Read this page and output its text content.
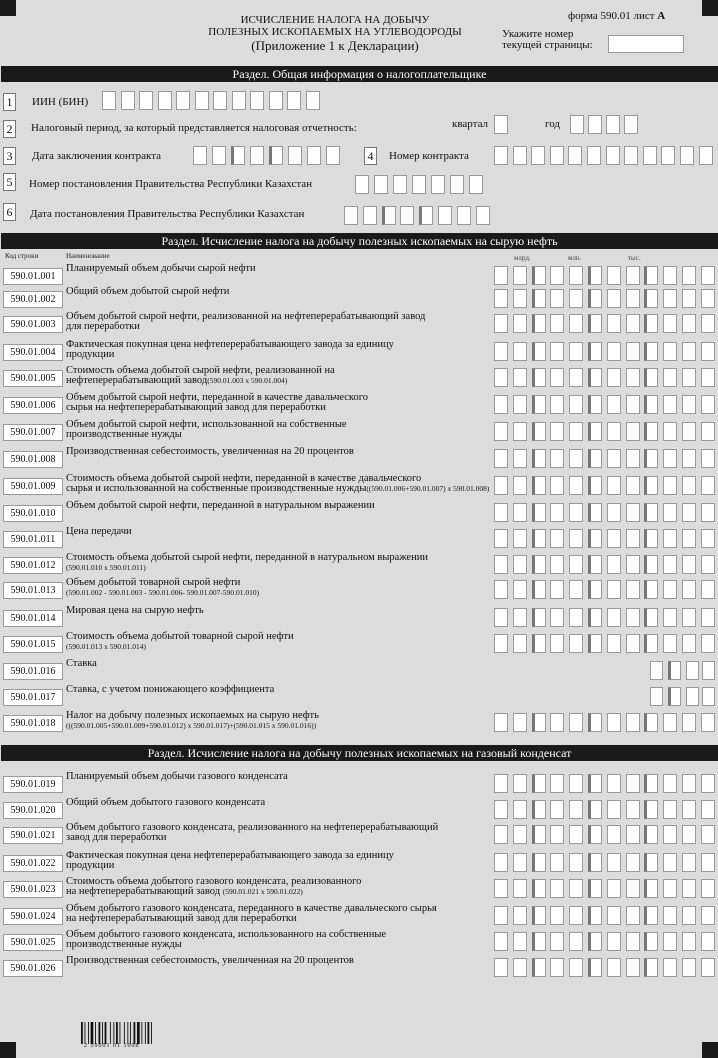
ИСЧИСЛЕНИЕ НАЛОГА НА ДОБЫЧУ
ПОЛЕЗНЫХ ИСКОПАЕМЫХ НА УГЛЕВОДОРОДЫ
(Приложение 1 к Декларации)
форма 590.01 лист А
Укажите номер
текущей страницы:
Раздел. Общая информация о налогоплательщике
Раздел. Исчисление налога на добычу полезных ископаемых на сырую нефть
Раздел. Исчисление налога на добычу полезных ископаемых на газовый конденсат
1	ИИН (БИН)
2	Налоговый период, за который представляется налоговая отчетность:	квартал	год
3	Дата заключения контракта	4	Номер контракта
5	Номер постановления Правительства Республики Казахстан
6	Дата постановления Правительства Республики Казахстан
Код строки	Наименование	млрд.	млн.	тыс.
590.01.001
Планируемый объем добычи сырой нефти
590.01.002
Общий объем добытой сырой нефти
590.01.003
Объем добытой сырой нефти, реализованной на нефтеперерабатывающий завод
для переработки
590.01.004
Фактическая покупная цена нефтеперерабатывающего завода за единицу
продукции
590.01.005
Стоимость объема добытой сырой нефти, реализованной на
нефтеперерабатывающий завод(590.01.003 x 590.01.004)
590.01.006
Объем добытой сырой нефти, переданной в качестве давальческого
сырья на нефтеперерабатывающий завод для переработки
590.01.007
Объем добытой сырой нефти, использованной на собственные
производственные нужды
590.01.008
Производственная себестоимость, увеличенная на 20 процентов
590.01.009
Стоимость объема добытой сырой нефти, переданной в качестве давальческого
сырья и использованной на собственные производственные нужды((590.01.006+590.01.007) x 590.01.008)
590.01.010
Объем добытой сырой нефти, переданной в натуральном выражении
590.01.011
Цена передачи
590.01.012
Стоимость объема добытой сырой нефти, переданной в натуральном выражении
(590.01.010 x 590.01.011)
590.01.013
Объем добытой товарной сырой нефти
(590.01.002 - 590.01.003 - 590.01.006- 590.01.007-590.01.010)
590.01.014
Мировая цена на сырую нефть
590.01.015
Стоимость объема добытой товарной сырой нефти
(590.01.013 x 590.01.014)
590.01.016
Ставка
590.01.017
Ставка, с учетом понижающего коэффициента
590.01.018
Налог на добычу полезных ископаемых на сырую нефть
(((590.01.005+590.01.009+590.01.012) x 590.01.017)+(590.01.015 x 590.01.016))
590.01.019
Планируемый объем добычи газового конденсата
590.01.020
Общий объем добытого газового конденсата
590.01.021
Объем добытого газового конденсата, реализованного на нефтеперерабатывающий
завод для переработки
590.01.022
Фактическая покупная цена нефтеперерабатывающего завода за единицу
продукции
590.01.023
Стоимость объема добытого газового конденсата, реализованного
на нефтеперерабатывающий завод (590.01.021 x 590.01.022)
590.01.024
Объем добытого газового конденсата, переданного в качестве давальческого сырья
на нефтеперерабатывающий завод для переработки
590.01.025
Объем добытого газового конденсата, использованного на собственные
производственные нужды
590.01.026
Производственная себестоимость, увеличенная на 20 процентов
2 59001 01 1008
